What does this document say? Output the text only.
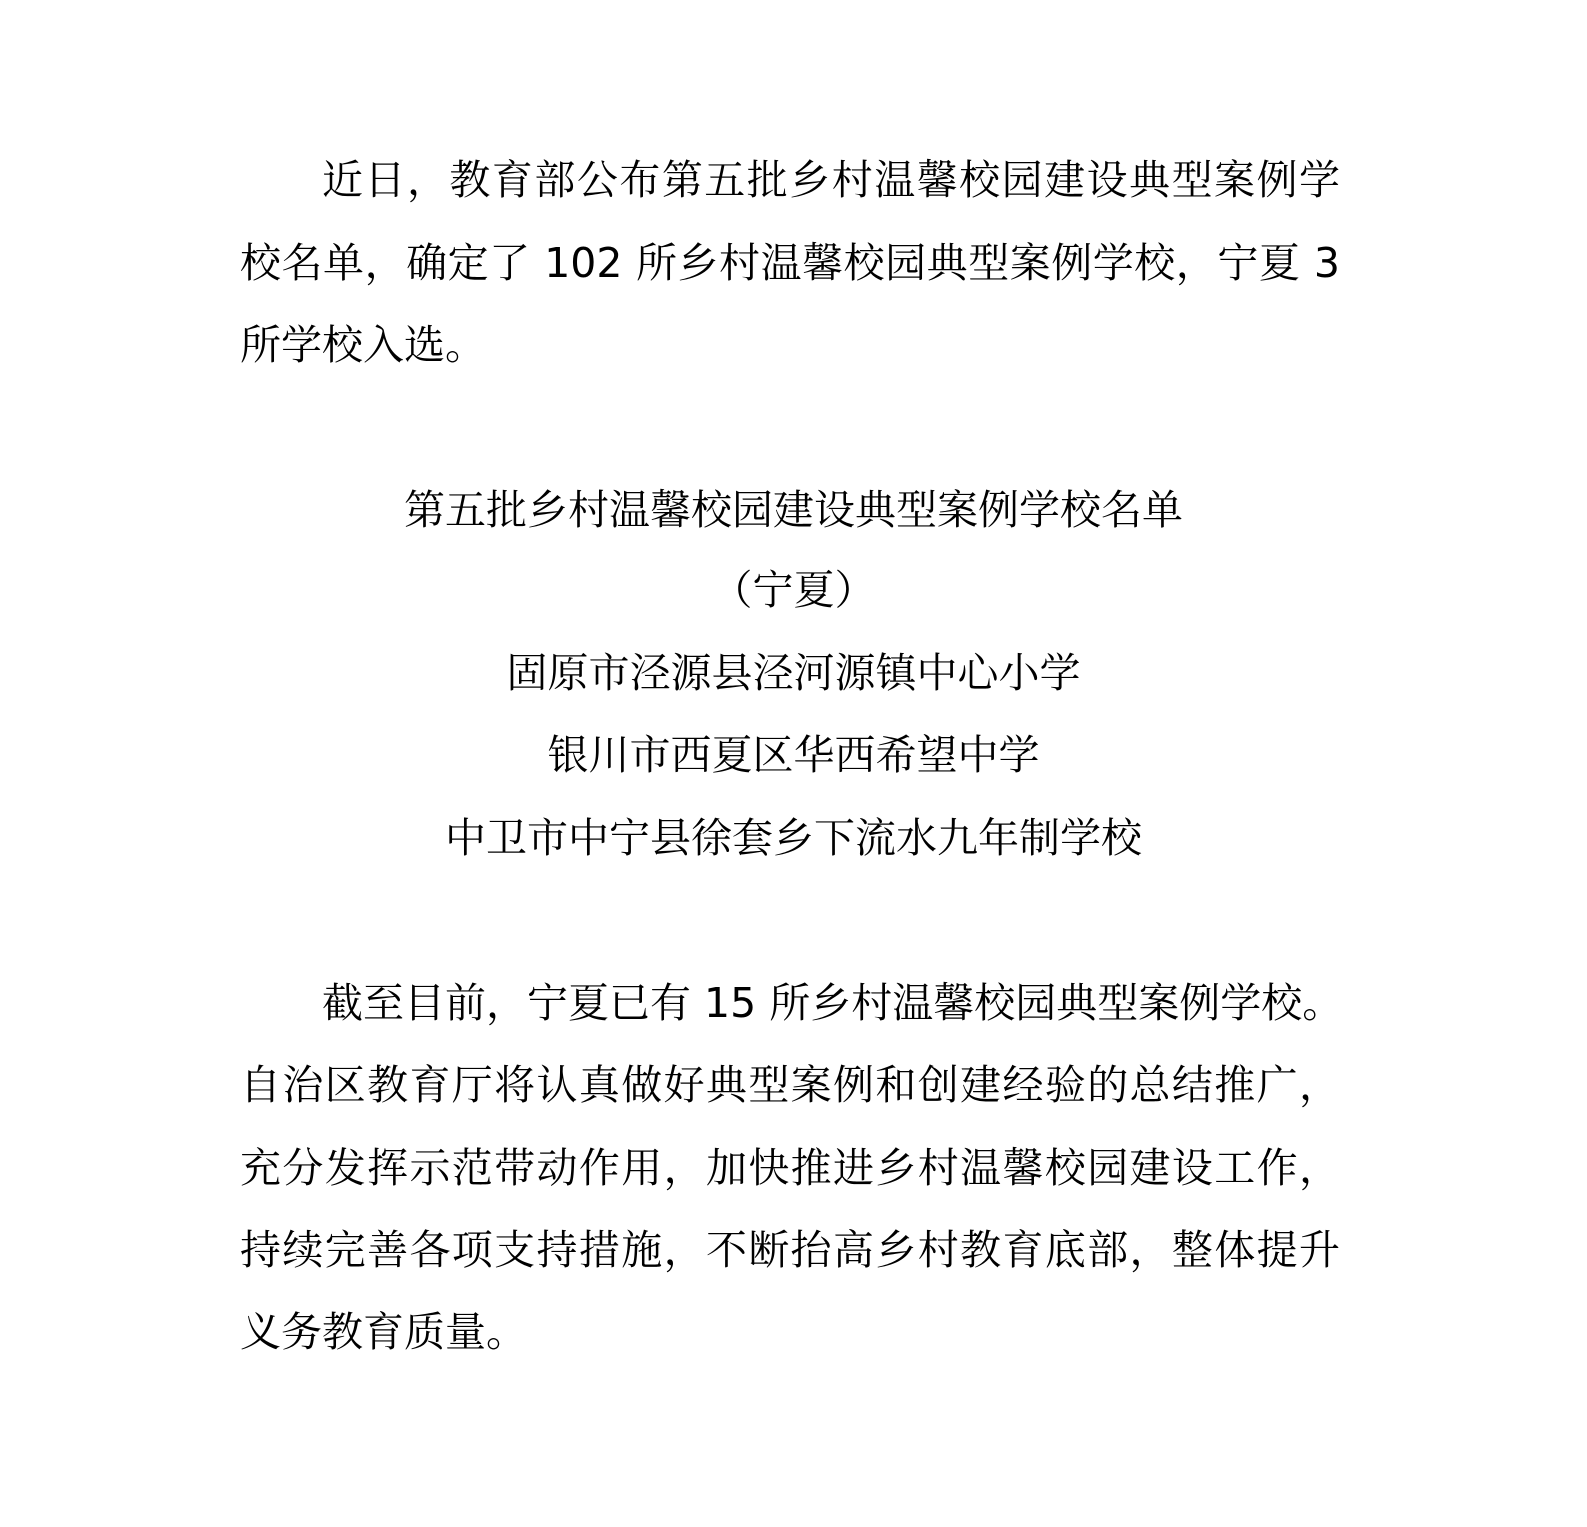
近日，教育部公布第五批乡村温馨校园建设典型案例学
校名单，确定了 102 所乡村温馨校园典型案例学校，宁夏 3
所学校入选。
第五批乡村温馨校园建设典型案例学校名单
（宁夏）
固原市泾源县泾河源镇中心小学
银川市西夏区华西希望中学
中卫市中宁县徐套乡下流水九年制学校
截至目前，宁夏已有 15 所乡村温馨校园典型案例学校。
自治区教育厅将认真做好典型案例和创建经验的总结推广，
充分发挥示范带动作用，加快推进乡村温馨校园建设工作，
持续完善各项支持措施，不断抬高乡村教育底部，整体提升
义务教育质量。
